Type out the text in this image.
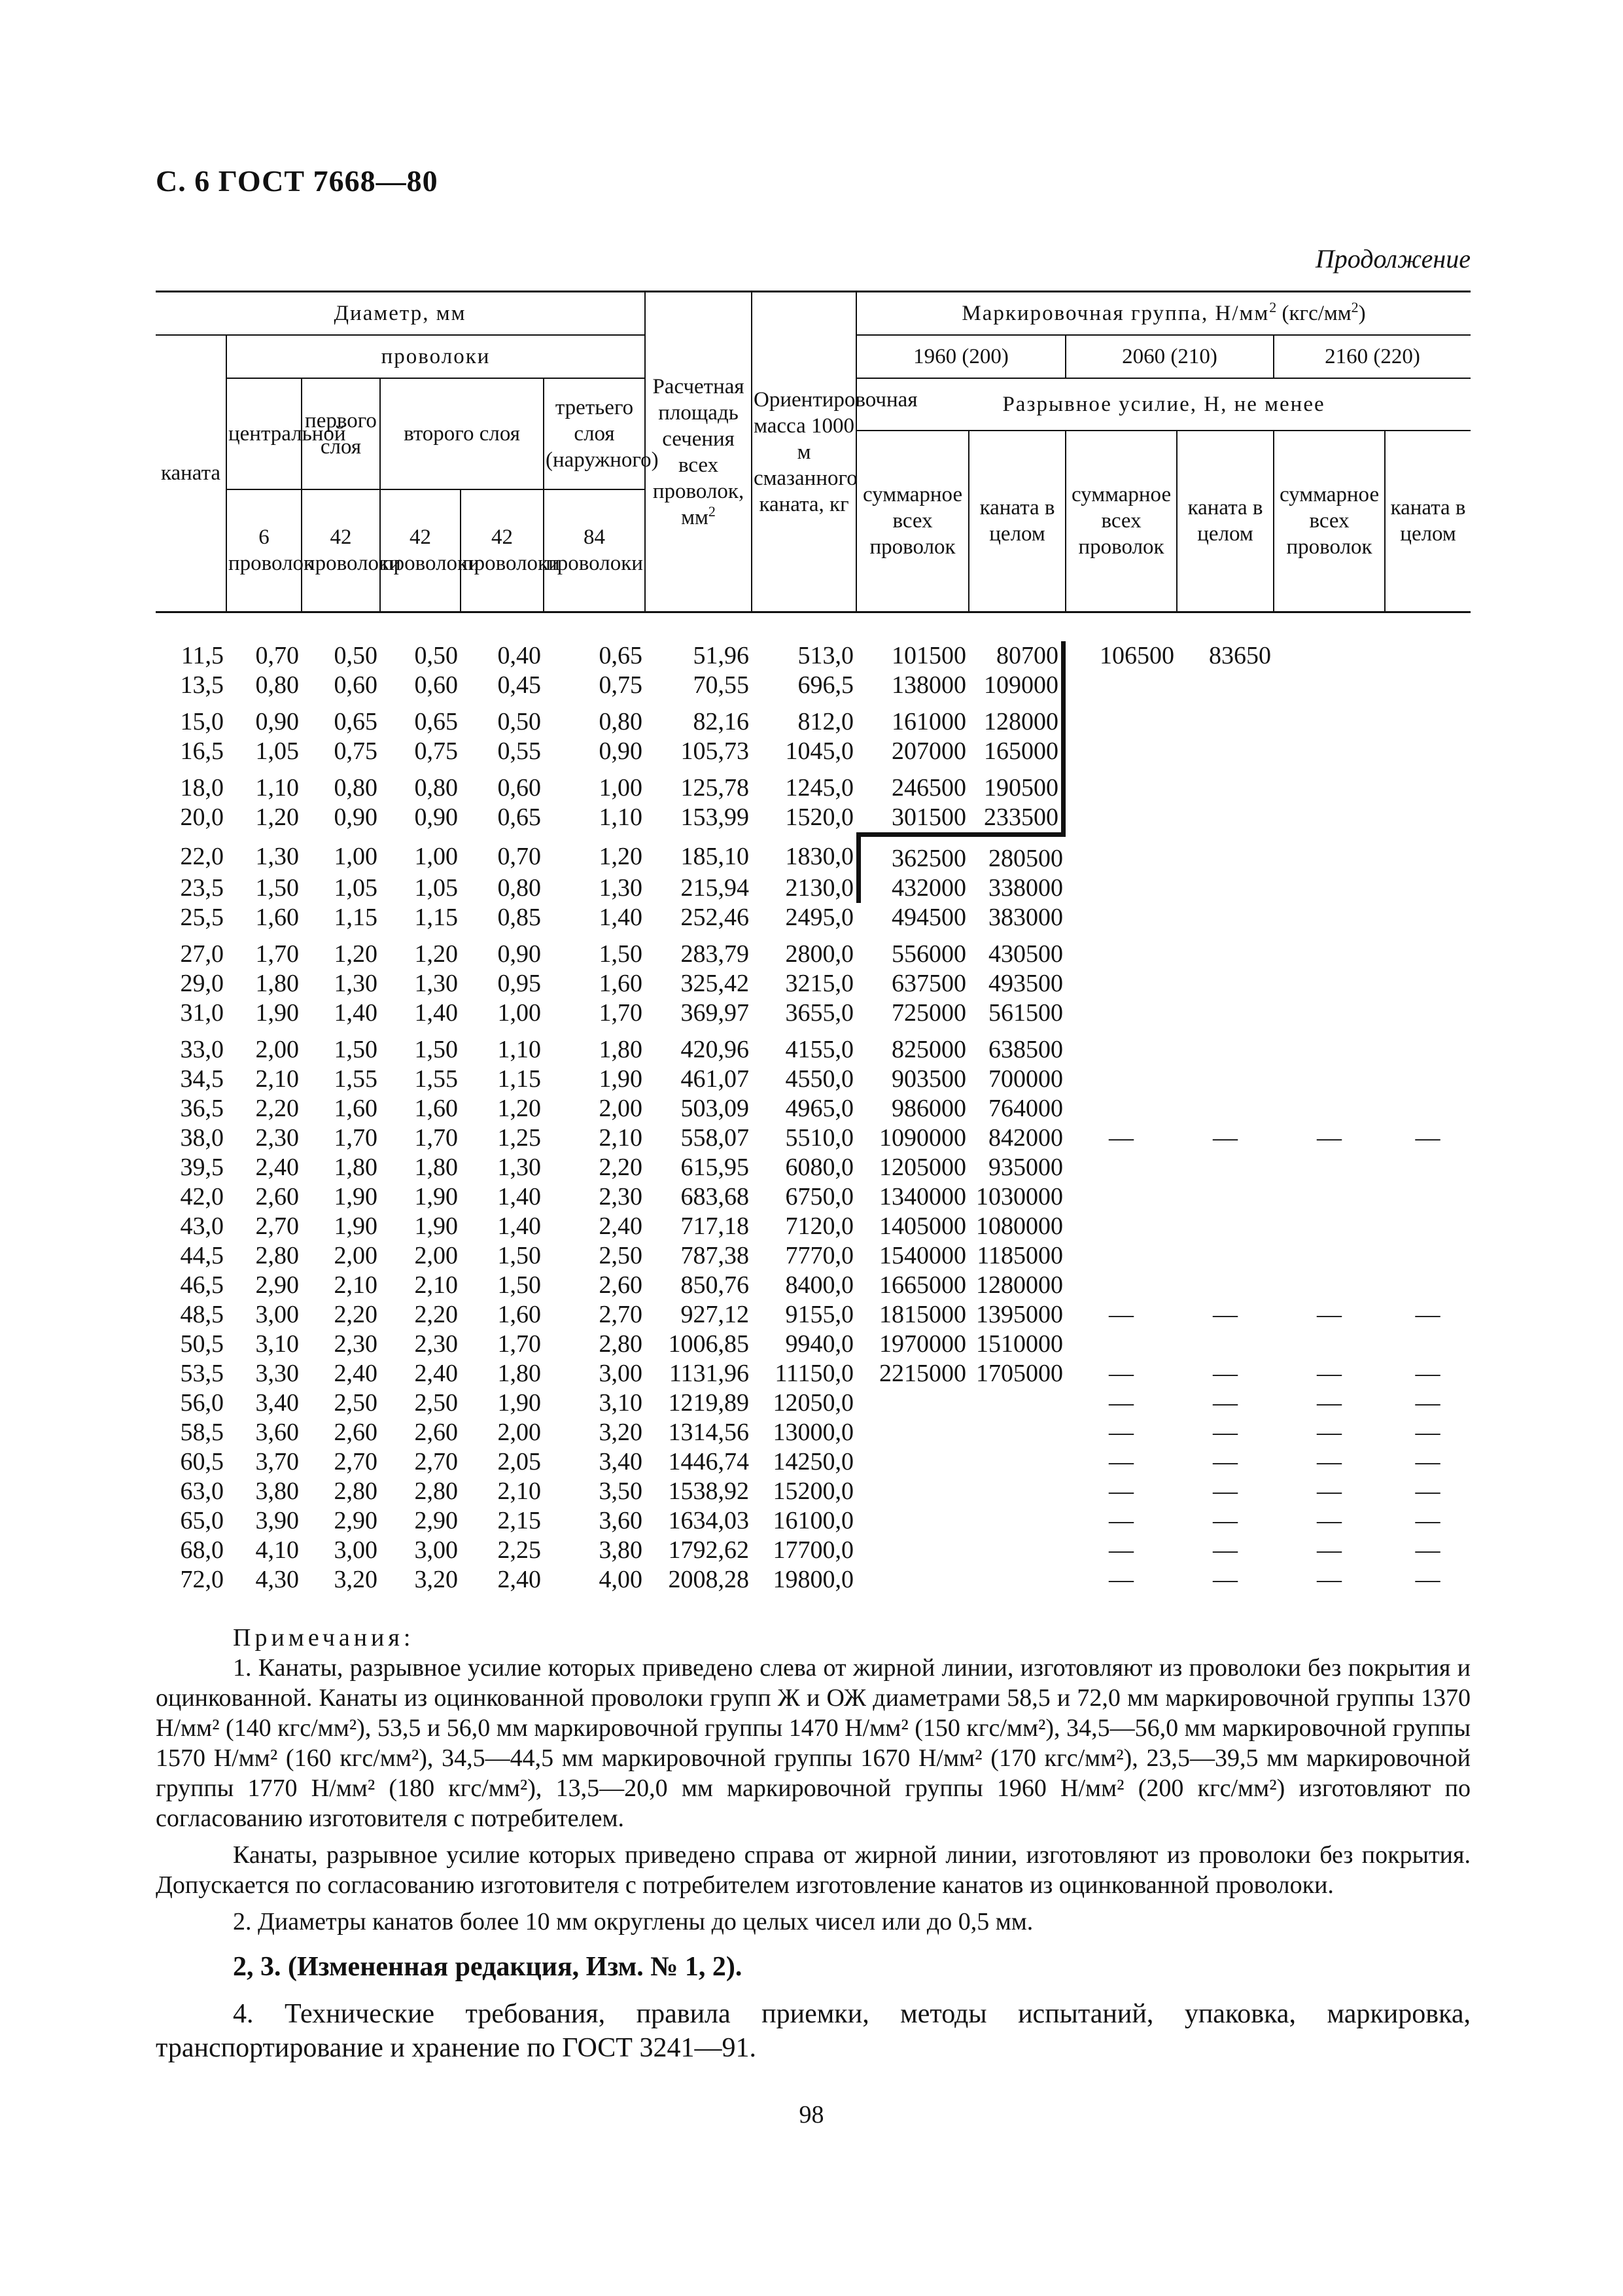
С. 6 ГОСТ 7668—80
Продолжение
Диаметр, мм						Расчетная площадь сечения всех проволок, $мм^2$	Ориентировочная масса 1000 м смазанного каната, кг	Маркировочная группа, $Н/мм^2$ $(кгс/мм^2)$					
каната	проволоки							1960 (200)		2060 (210)		2160 (220)	
	центральной	первого слоя	второго слоя		третьего слоя (наружного)			Разрывное усилие, Н, не менее					
								суммарное всех проволок	каната в целом	суммарное всех проволок	каната в целом	суммарное всех проволок	каната в целом
	6 проволок	42 проволоки	42 проволоки	42 проволоки	84 проволоки								
11,5	0,70	0,50	0,50	0,40	0,65	51,96	513,0	101500	80700	106500	83650		
13,5	0,80	0,60	0,60	0,45	0,75	70,55	696,5	138000	109000				
15,0	0,90	0,65	0,65	0,50	0,80	82,16	812,0	161000	128000				
16,5	1,05	0,75	0,75	0,55	0,90	105,73	1045,0	207000	165000				
18,0	1,10	0,80	0,80	0,60	1,00	125,78	1245,0	246500	190500				
20,0	1,20	0,90	0,90	0,65	1,10	153,99	1520,0	301500	233500				
22,0	1,30	1,00	1,00	0,70	1,20	185,10	1830,0	362500	280500				
23,5	1,50	1,05	1,05	0,80	1,30	215,94	2130,0	432000	338000				
25,5	1,60	1,15	1,15	0,85	1,40	252,46	2495,0	494500	383000				
27,0	1,70	1,20	1,20	0,90	1,50	283,79	2800,0	556000	430500				
29,0	1,80	1,30	1,30	0,95	1,60	325,42	3215,0	637500	493500				
31,0	1,90	1,40	1,40	1,00	1,70	369,97	3655,0	725000	561500				
33,0	2,00	1,50	1,50	1,10	1,80	420,96	4155,0	825000	638500				
34,5	2,10	1,55	1,55	1,15	1,90	461,07	4550,0	903500	700000				
36,5	2,20	1,60	1,60	1,20	2,00	503,09	4965,0	986000	764000				
38,0	2,30	1,70	1,70	1,25	2,10	558,07	5510,0	1090000	842000	—	—	—	—
39,5	2,40	1,80	1,80	1,30	2,20	615,95	6080,0	1205000	935000				
42,0	2,60	1,90	1,90	1,40	2,30	683,68	6750,0	1340000	1030000				
43,0	2,70	1,90	1,90	1,40	2,40	717,18	7120,0	1405000	1080000				
44,5	2,80	2,00	2,00	1,50	2,50	787,38	7770,0	1540000	1185000				
46,5	2,90	2,10	2,10	1,50	2,60	850,76	8400,0	1665000	1280000				
48,5	3,00	2,20	2,20	1,60	2,70	927,12	9155,0	1815000	1395000	—	—	—	—
50,5	3,10	2,30	2,30	1,70	2,80	1006,85	9940,0	1970000	1510000				
53,5	3,30	2,40	2,40	1,80	3,00	1131,96	11150,0	2215000	1705000	—	—	—	—
56,0	3,40	2,50	2,50	1,90	3,10	1219,89	12050,0			—	—	—	—
58,5	3,60	2,60	2,60	2,00	3,20	1314,56	13000,0			—	—	—	—
60,5	3,70	2,70	2,70	2,05	3,40	1446,74	14250,0			—	—	—	—
63,0	3,80	2,80	2,80	2,10	3,50	1538,92	15200,0			—	—	—	—
65,0	3,90	2,90	2,90	2,15	3,60	1634,03	16100,0			—	—	—	—
68,0	4,10	3,00	3,00	2,25	3,80	1792,62	17700,0			—	—	—	—
72,0	4,30	3,20	3,20	2,40	4,00	2008,28	19800,0			—	—	—	—

Примечания:

1. Канаты, разрывное усилие которых приведено слева от жирной линии, изготовляют из проволоки без покрытия и оцинкованной. Канаты из оцинкованной проволоки групп Ж и ОЖ диаметрами 58,5 и 72,0 мм маркировочной группы 1370 Н/мм² (140 кгс/мм²), 53,5 и 56,0 мм маркировочной группы 1470 Н/мм² (150 кгс/мм²), 34,5—56,0 мм маркировочной группы 1570 Н/мм² (160 кгс/мм²), 34,5—44,5 мм маркировочной группы 1670 Н/мм² (170 кгс/мм²), 23,5—39,5 мм маркировочной группы 1770 Н/мм² (180 кгс/мм²), 13,5—20,0 мм маркировочной группы 1960 Н/мм² (200 кгс/мм²) изготовляют по согласованию изготовителя с потребителем.

Канаты, разрывное усилие которых приведено справа от жирной линии, изготовляют из проволоки без покрытия. Допускается по согласованию изготовителя с потребителем изготовление канатов из оцинкованной проволоки.

2. Диаметры канатов более 10 мм округлены до целых чисел или до 0,5 мм.

2, 3. (Измененная редакция, Изм. № 1, 2).

4. Технические требования, правила приемки, методы испытаний, упаковка, маркировка, транспортирование и хранение по ГОСТ 3241—91.

98
